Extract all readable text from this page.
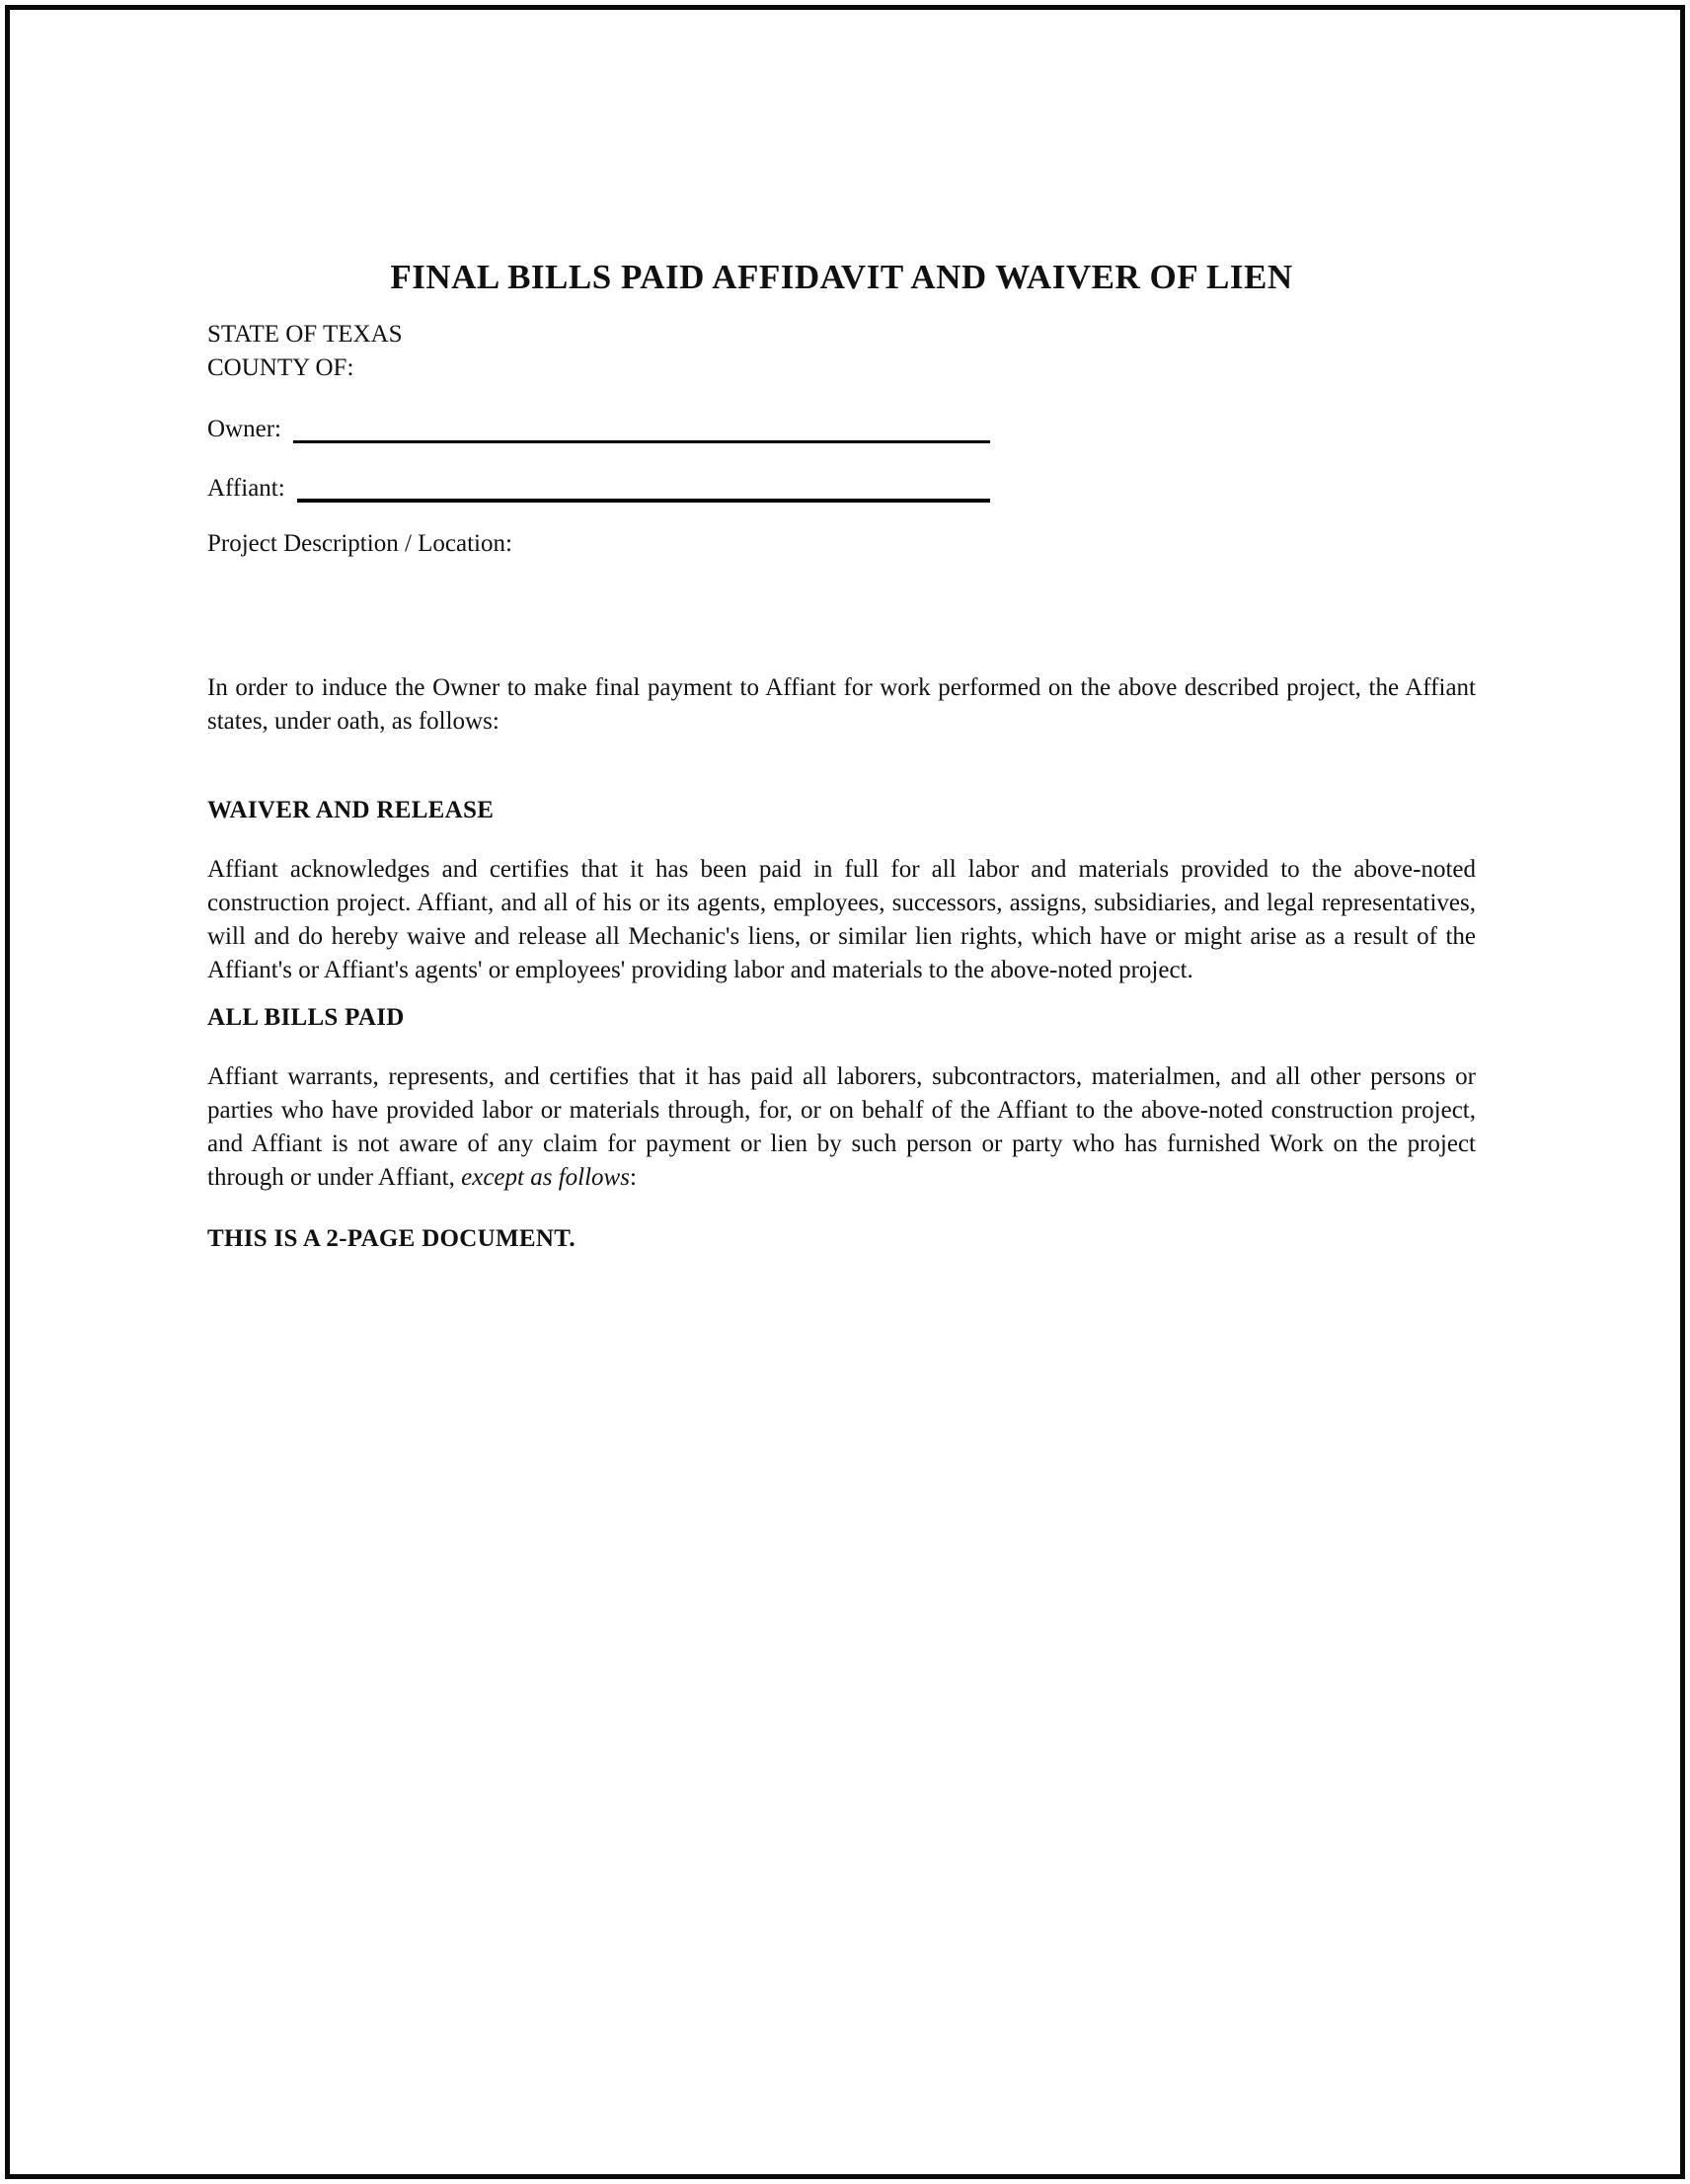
FINAL BILLS PAID AFFIDAVIT AND WAIVER OF LIEN
STATE OF TEXAS
COUNTY OF:
Owner:
Affiant:
Project Description / Location:

In order to induce the Owner to make final payment to Affiant for work performed on the above described project, the Affiant states, under oath, as follows:

WAIVER AND RELEASE

Affiant acknowledges and certifies that it has been paid in full for all labor and materials provided to the above-noted construction project. Affiant, and all of his or its agents, employees, successors, assigns, subsidiaries, and legal representatives, will and do hereby waive and release all Mechanic's liens, or similar lien rights, which have or might arise as a result of the Affiant's or Affiant's agents' or employees' providing labor and materials to the above-noted project.

ALL BILLS PAID

Affiant warrants, represents, and certifies that it has paid all laborers, subcontractors, materialmen, and all other persons or parties who have provided labor or materials through, for, or on behalf of the Affiant to the above-noted construction project, and Affiant is not aware of any claim for payment or lien by such person or party who has furnished Work on the project through or under Affiant, except as follows:

THIS IS A 2-PAGE DOCUMENT.
